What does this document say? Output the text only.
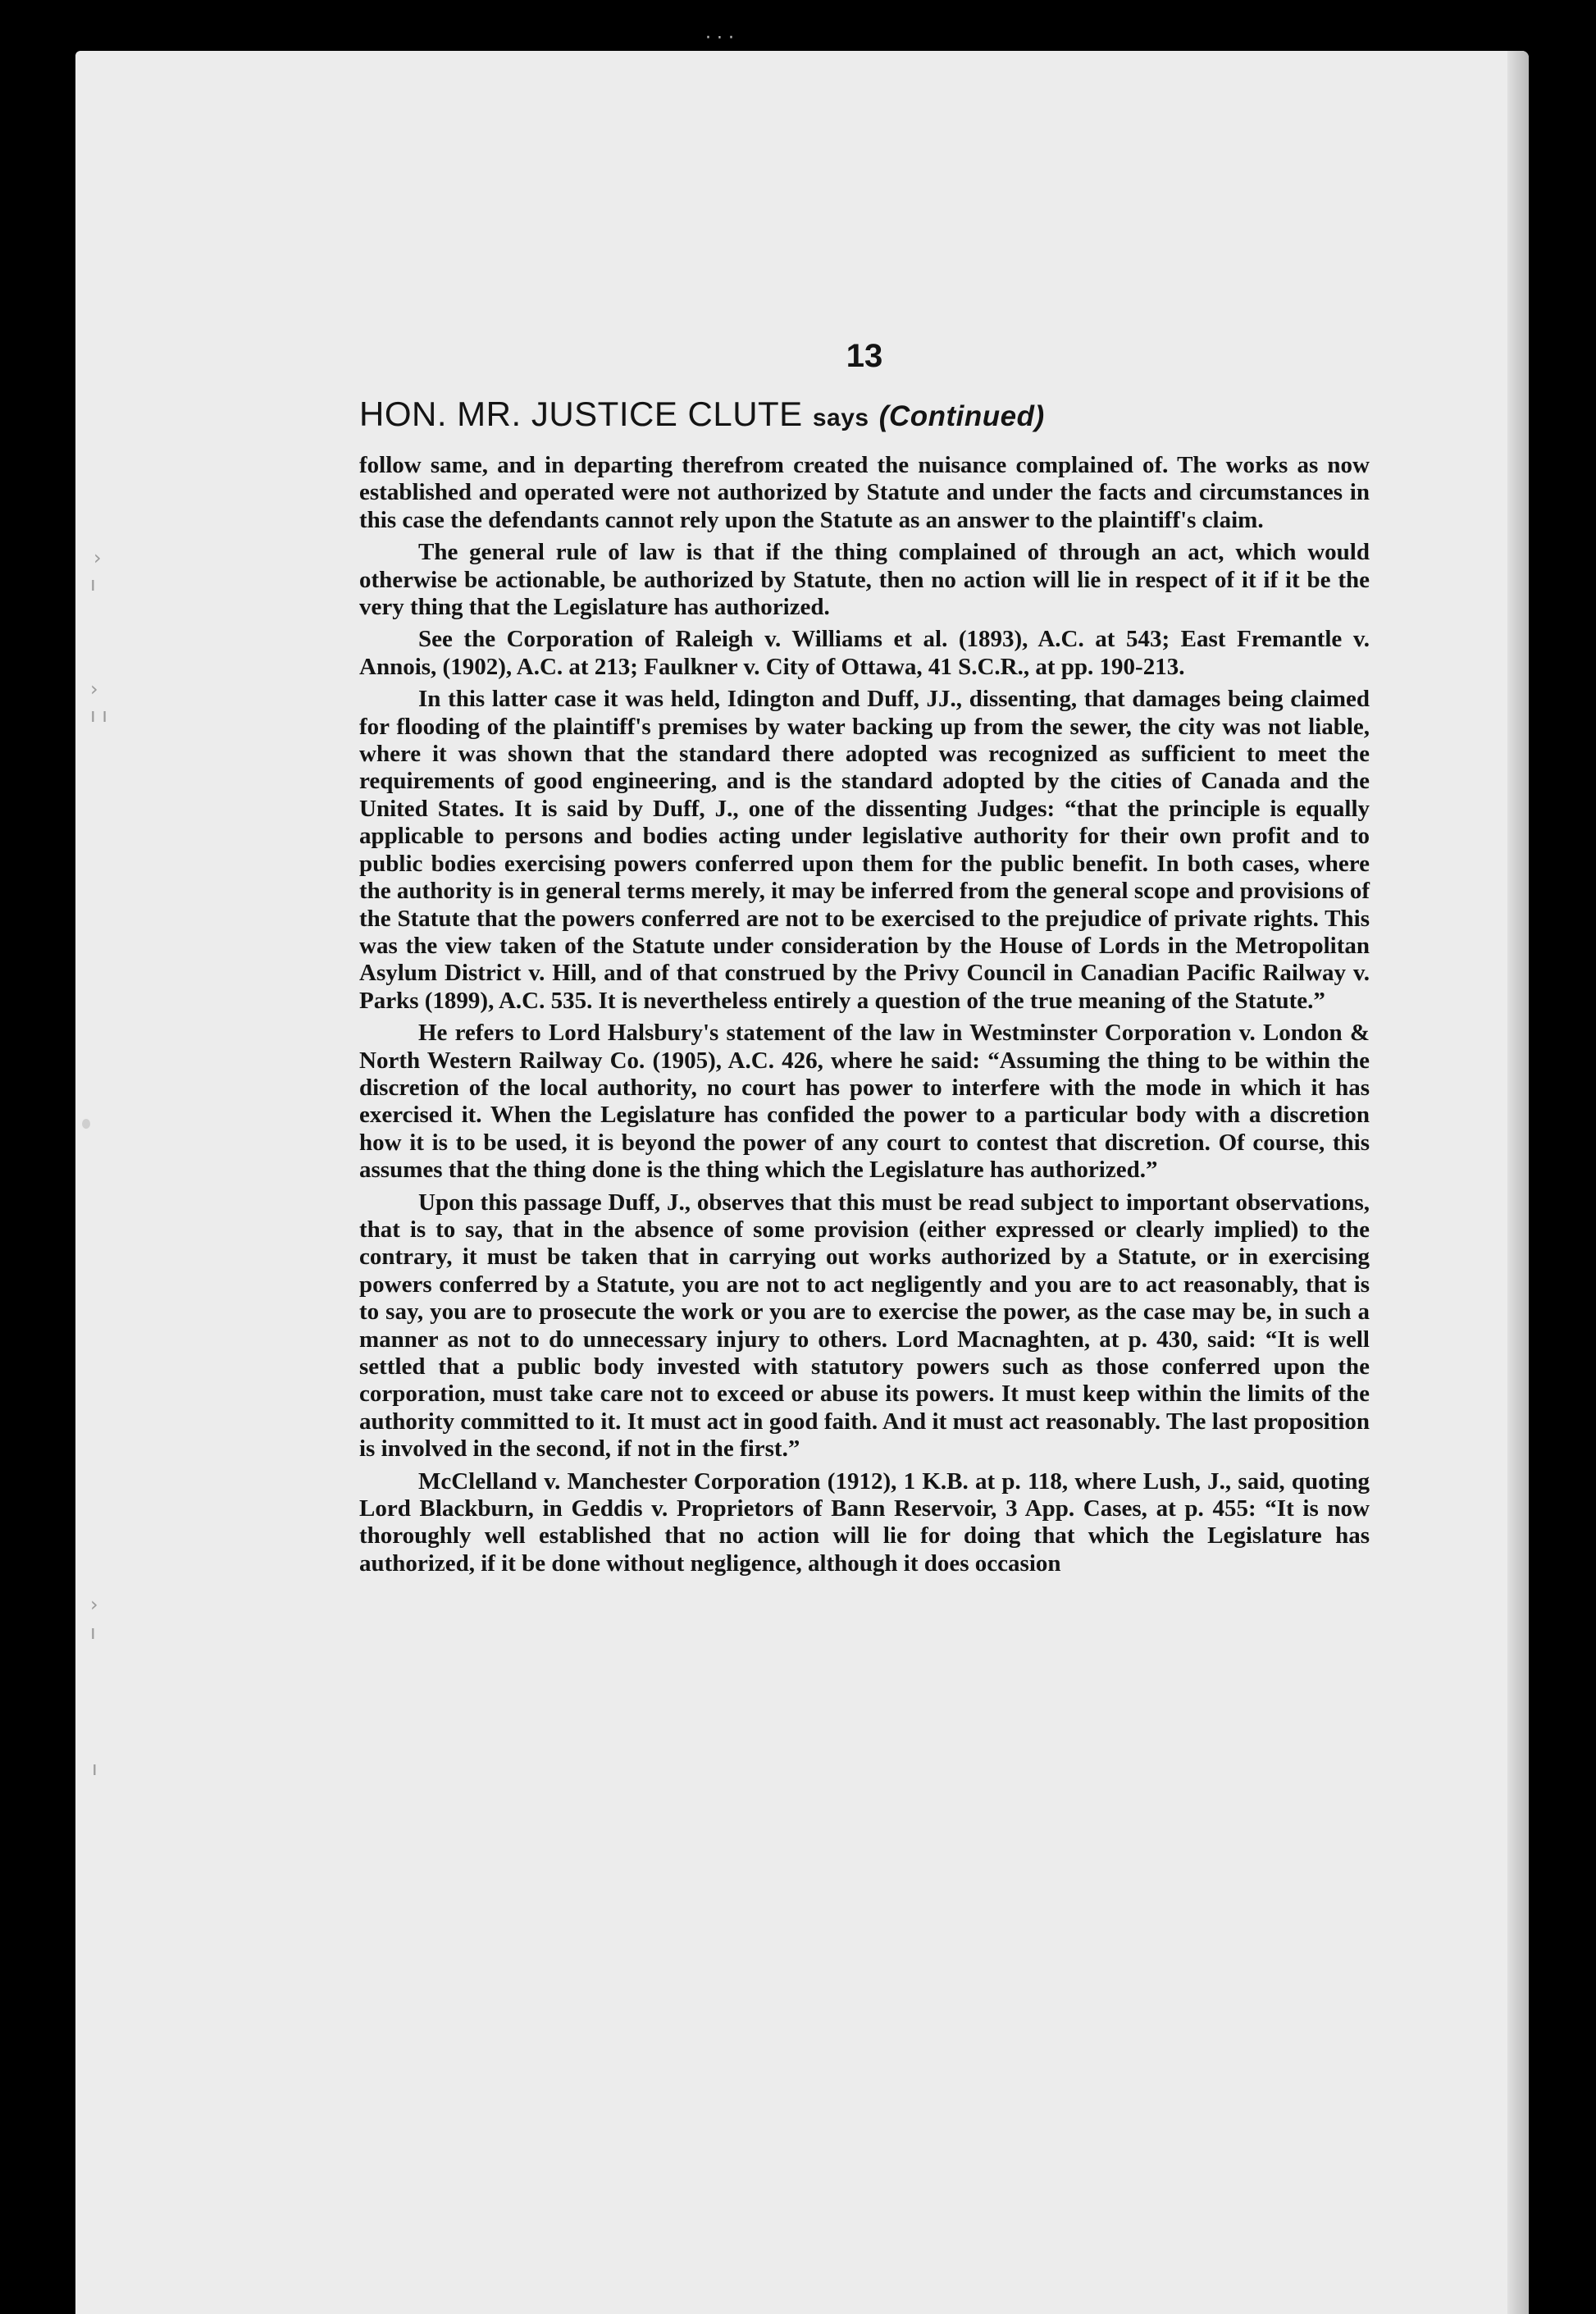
· ⋅ ·
›
ı
›
ı ı
›
ı
ı
13
HON. MR. JUSTICE CLUTE says (Continued)

follow same, and in departing therefrom created the nuisance complained of. The works as now established and operated were not authorized by Statute and under the facts and circumstances in this case the defendants cannot rely upon the Statute as an answer to the plaintiff's claim.

The general rule of law is that if the thing complained of through an act, which would otherwise be actionable, be authorized by Statute, then no action will lie in respect of it if it be the very thing that the Legislature has authorized.

See the Corporation of Raleigh v. Williams et al. (1893), A.C. at 543; East Fremantle v. Annois, (1902), A.C. at 213; Faulkner v. City of Ottawa, 41 S.C.R., at pp. 190-213.

In this latter case it was held, Idington and Duff, JJ., dissenting, that damages being claimed for flooding of the plaintiff's premises by water backing up from the sewer, the city was not liable, where it was shown that the standard there adopted was recognized as sufficient to meet the requirements of good engineering, and is the standard adopted by the cities of Canada and the United States. It is said by Duff, J., one of the dissenting Judges: “that the principle is equally applicable to persons and bodies acting under legislative authority for their own profit and to public bodies exercising powers conferred upon them for the public benefit. In both cases, where the authority is in general terms merely, it may be inferred from the general scope and provisions of the Statute that the powers conferred are not to be exercised to the prejudice of private rights. This was the view taken of the Statute under consideration by the House of Lords in the Metropolitan Asylum District v. Hill, and of that construed by the Privy Council in Canadian Pacific Railway v. Parks (1899), A.C. 535. It is nevertheless entirely a question of the true meaning of the Statute.”

He refers to Lord Halsbury's statement of the law in Westminster Corporation v. London & North Western Railway Co. (1905), A.C. 426, where he said: “Assuming the thing to be within the discretion of the local authority, no court has power to interfere with the mode in which it has exercised it. When the Legislature has confided the power to a particular body with a discretion how it is to be used, it is beyond the power of any court to contest that discretion. Of course, this assumes that the thing done is the thing which the Legislature has authorized.”

Upon this passage Duff, J., observes that this must be read subject to important observations, that is to say, that in the absence of some provision (either expressed or clearly implied) to the contrary, it must be taken that in carrying out works authorized by a Statute, or in exercising powers conferred by a Statute, you are not to act negligently and you are to act reasonably, that is to say, you are to prosecute the work or you are to exercise the power, as the case may be, in such a manner as not to do unnecessary injury to others. Lord Macnaghten, at p. 430, said: “It is well settled that a public body invested with statutory powers such as those conferred upon the corporation, must take care not to exceed or abuse its powers. It must keep within the limits of the authority committed to it. It must act in good faith. And it must act reasonably. The last proposition is involved in the second, if not in the first.”

McClelland v. Manchester Corporation (1912), 1 K.B. at p. 118, where Lush, J., said, quoting Lord Blackburn, in Geddis v. Proprietors of Bann Reservoir, 3 App. Cases, at p. 455: “It is now thoroughly well established that no action will lie for doing that which the Legislature has authorized, if it be done without negligence, although it does occasion
